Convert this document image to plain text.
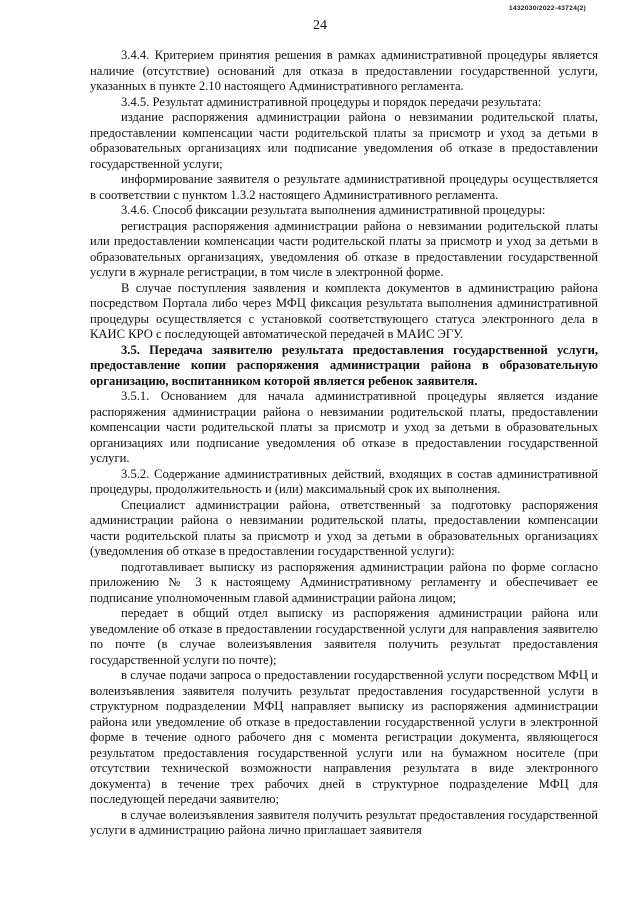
1432030/2022-43724(2)
24

3.4.4. Критерием принятия решения в рамках административной процедуры является наличие (отсутствие) оснований для отказа в предоставлении государственной услуги, указанных в пункте 2.10 настоящего Административного регламента.

3.4.5. Результат административной процедуры и порядок передачи результата:

издание распоряжения администрации района о невзимании родительской платы, предоставлении компенсации части родительской платы за присмотр и уход за детьми в образовательных организациях или подписание уведомления об отказе в предоставлении государственной услуги;

информирование заявителя о результате административной процедуры осуществляется в соответствии с пунктом 1.3.2 настоящего Административного регламента.

3.4.6. Способ фиксации результата выполнения административной процедуры:

регистрация распоряжения администрации района о невзимании родительской платы или предоставлении компенсации части родительской платы за присмотр и уход за детьми в образовательных организациях, уведомления об отказе в предоставлении государственной услуги в журнале регистрации, в том числе в электронной форме.

В случае поступления заявления и комплекта документов в администрацию района посредством Портала либо через МФЦ фиксация результата выполнения административной процедуры осуществляется с установкой соответствующего статуса электронного дела в КАИС КРО с последующей автоматической передачей в МАИС ЭГУ.

3.5. Передача заявителю результата предоставления государственной услуги, предоставление копии распоряжения администрации района в образовательную организацию, воспитанником которой является ребенок заявителя.

3.5.1. Основанием для начала административной процедуры является издание распоряжения администрации района о невзимании родительской платы, предоставлении компенсации части родительской платы за присмотр и уход за детьми в образовательных организациях или подписание уведомления об отказе в предоставлении государственной услуги.

3.5.2. Содержание административных действий, входящих в состав административной процедуры, продолжительность и (или) максимальный срок их выполнения.

Специалист администрации района, ответственный за подготовку распоряжения администрации района о невзимании родительской платы, предоставлении компенсации части родительской платы за присмотр и уход за детьми в образовательных организациях (уведомления об отказе в предоставлении государственной услуги):

подготавливает выписку из распоряжения администрации района по форме согласно приложению № 3 к настоящему Административному регламенту и обеспечивает ее подписание уполномоченным главой администрации района лицом;

передает в общий отдел выписку из распоряжения администрации района или уведомление об отказе в предоставлении государственной услуги для направления заявителю по почте (в случае волеизъявления заявителя получить результат предоставления государственной услуги по почте);

в случае подачи запроса о предоставлении государственной услуги посредством МФЦ и волеизъявления заявителя получить результат предоставления государственной услуги в структурном подразделении МФЦ направляет выписку из распоряжения администрации района или уведомление об отказе в предоставлении государственной услуги в электронной форме в течение одного рабочего дня с момента регистрации документа, являющегося результатом предоставления государственной услуги или на бумажном носителе (при отсутствии технической возможности направления результата в виде электронного документа) в течение трех рабочих дней в структурное подразделение МФЦ для последующей передачи заявителю;

в случае волеизъявления заявителя получить результат предоставления государственной услуги в администрацию района лично приглашает заявителя
